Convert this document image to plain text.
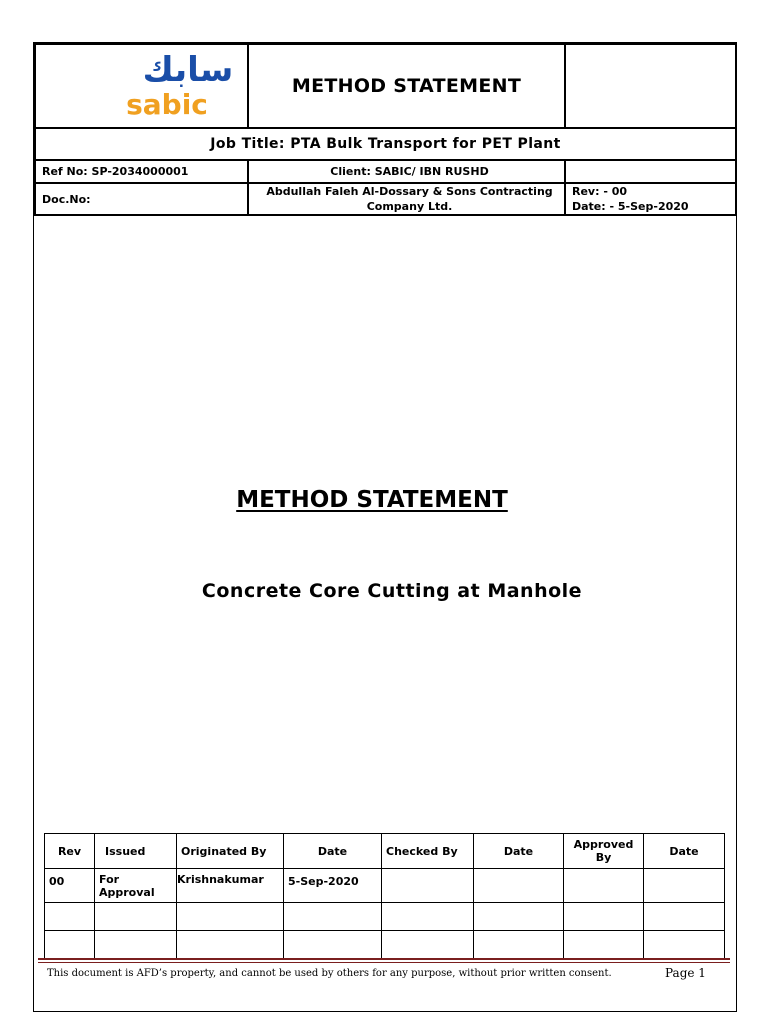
سابك
sabic	METHOD STATEMENT	
Job Title: PTA Bulk Transport for PET Plant		
Ref No: SP-2034000001	Client: SABIC/ IBN RUSHD	
Doc.No:	Abdullah Faleh Al-Dossary & Sons Contracting Company Ltd.	Rev: - 00
Date: - 5-Sep-2020
METHOD STATEMENT
Concrete Core Cutting at Manhole
Rev	Issued	Originated By	Date	Checked By	Date	Approved By	Date
00	For Approval	Krishnakumar	5-Sep-2020				

This document is AFD’s property, and cannot be used by others for any purpose, without prior written consent.	Page 1
